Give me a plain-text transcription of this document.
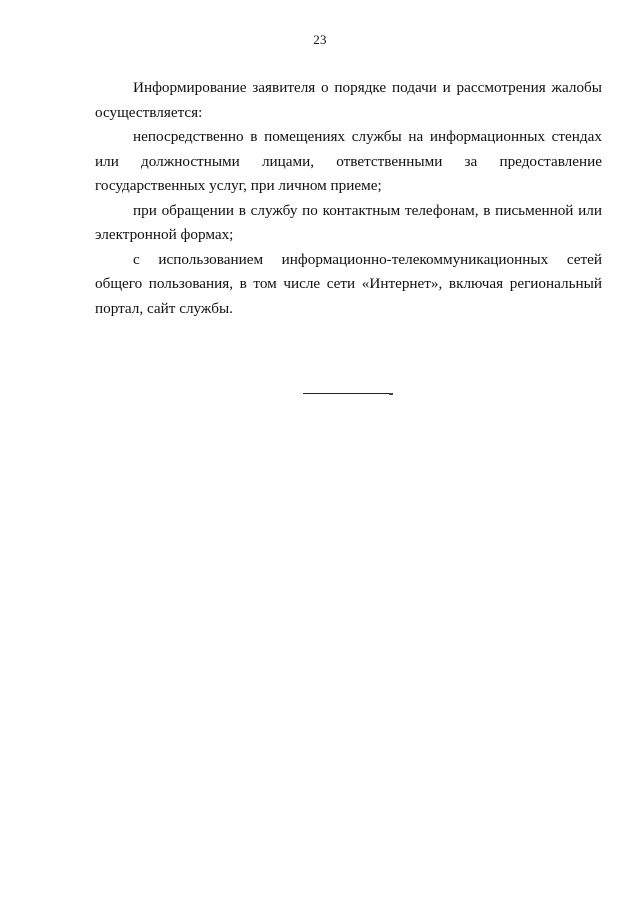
23

Информирование заявителя о порядке подачи и рассмотрения жалобы осуществляется:

непосредственно в помещениях службы на информационных стендах или должностными лицами, ответственными за предоставление государственных услуг, при личном приеме;

при обращении в службу по контактным телефонам, в письменной или электронной формах;

с использованием информационно-телекоммуникационных сетей общего пользования, в том числе сети «Интернет», включая региональный портал, сайт службы.
